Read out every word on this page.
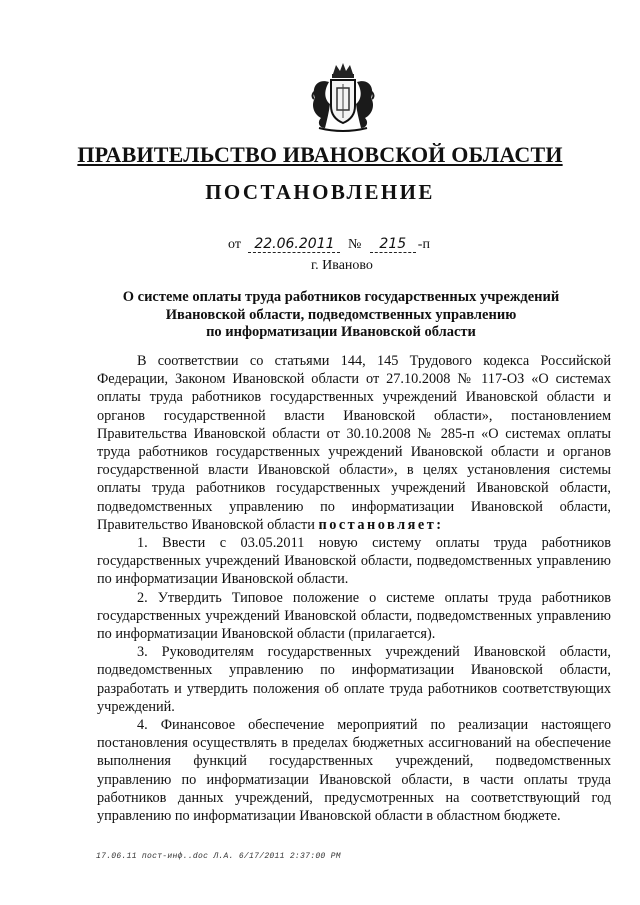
ПРАВИТЕЛЬСТВО ИВАНОВСКОЙ ОБЛАСТИ
ПОСТАНОВЛЕНИЕ
от 22.06.2011 № 215 -п
г. Иваново
О системе оплаты труда работников государственных учреждений
Ивановской области, подведомственных управлению
по информатизации Ивановской области

В соответствии со статьями 144, 145 Трудового кодекса Российской Федерации, Законом Ивановской области от 27.10.2008 № 117-ОЗ «О системах оплаты труда работников государственных учреждений Ивановской области и органов государственной власти Ивановской области», постановлением Правительства Ивановской области от 30.10.2008 № 285-п «О системах оплаты труда работников государственных учреждений Ивановской области и органов государственной власти Ивановской области», в целях установления системы оплаты труда работников государственных учреждений Ивановской области, подведомственных управлению по информатизации Ивановской области, Правительство Ивановской области постановляет:

1. Ввести с 03.05.2011 новую систему оплаты труда работников государственных учреждений Ивановской области, подведомственных управлению по информатизации Ивановской области.

2. Утвердить Типовое положение о системе оплаты труда работников государственных учреждений Ивановской области, подведомственных управлению по информатизации Ивановской области (прилагается).

3. Руководителям государственных учреждений Ивановской области, подведомственных управлению по информатизации Ивановской области, разработать и утвердить положения об оплате труда работников соответствующих учреждений.

4. Финансовое обеспечение мероприятий по реализации настоящего постановления осуществлять в пределах бюджетных ассигнований на обеспечение выполнения функций государственных учреждений, подведомственных управлению по информатизации Ивановской области, в части оплаты труда работников данных учреждений, предусмотренных на соответствующий год управлению по информатизации Ивановской области в областном бюджете.

17.06.11 пост-инф..doc Л.А. 6/17/2011 2:37:00 PM
